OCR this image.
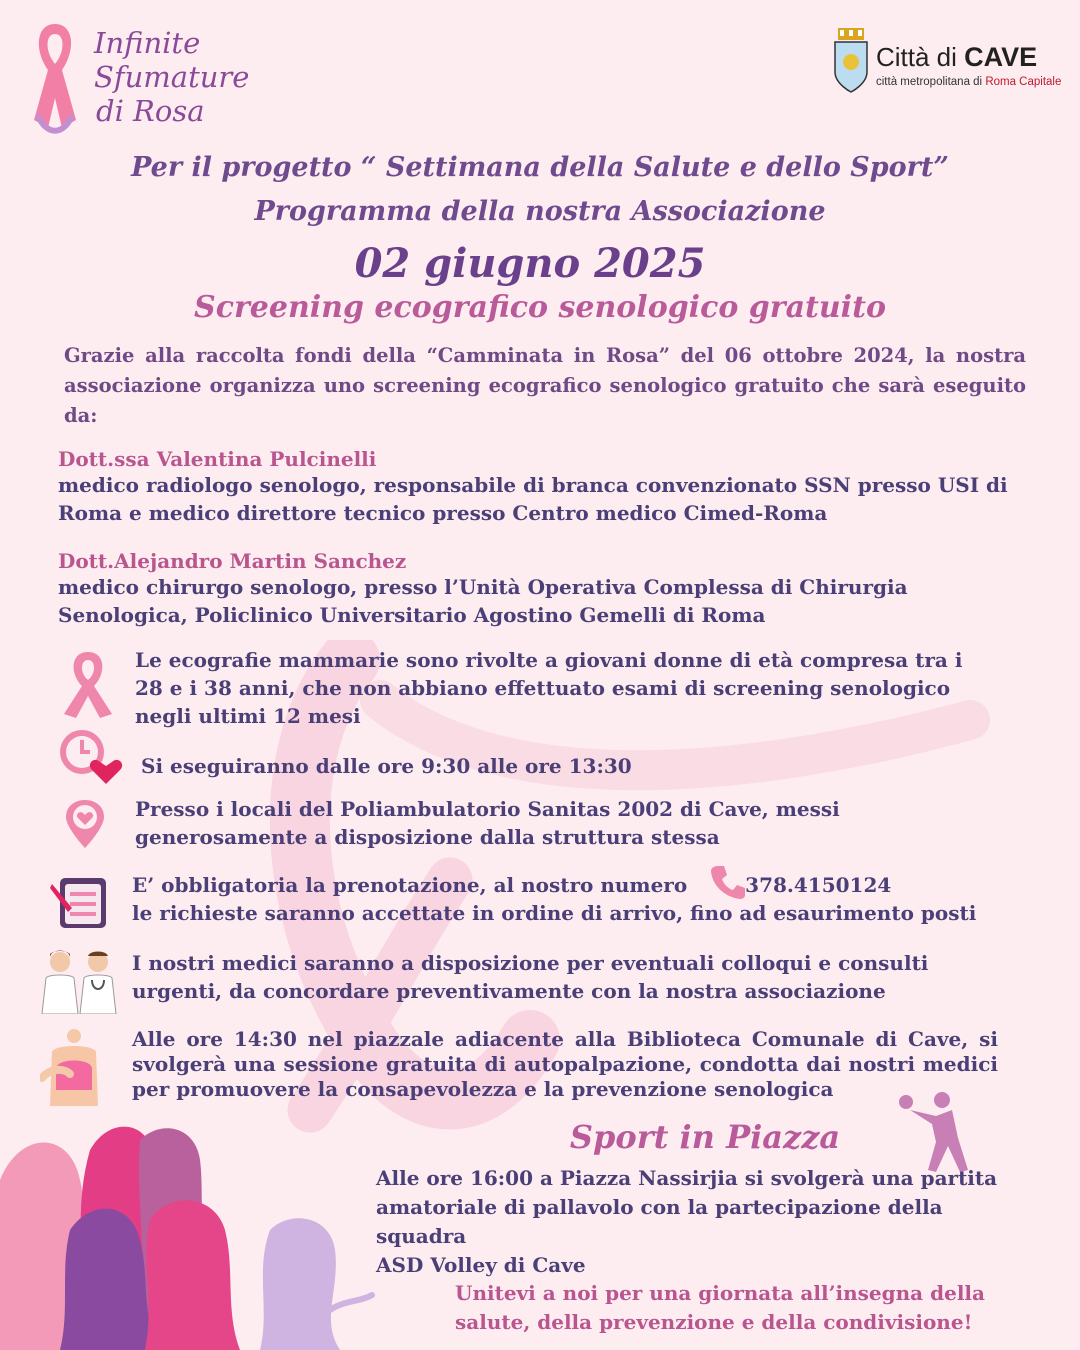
Infinite
Sfumature
di Rosa
Città di CAVE
città metropolitana di Roma Capitale
Per il progetto “ Settimana della Salute e dello Sport”
Programma della nostra Associazione
02 giugno 2025
Screening ecografico senologico gratuito
Grazie alla raccolta fondi della “Camminata in Rosa” del 06 ottobre 2024, la nostra associazione organizza uno screening ecografico senologico gratuito che sarà eseguito da:
Dott.ssa Valentina Pulcinelli
medico radiologo senologo, responsabile di branca convenzionato SSN presso USI di
Roma e medico direttore tecnico presso Centro medico Cimed-Roma
Dott.Alejandro Martin Sanchez
medico chirurgo senologo, presso l’Unità Operativa Complessa di Chirurgia
Senologica, Policlinico Universitario Agostino Gemelli di Roma
Le ecografie mammarie sono rivolte a giovani donne di età compresa tra i
28 e i 38 anni, che non abbiano effettuato esami di screening senologico
negli ultimi 12 mesi
Si eseguiranno dalle ore 9:30 alle ore 13:30
Presso i locali del Poliambulatorio Sanitas 2002 di Cave, messi
generosamente a disposizione dalla struttura stessa
E’ obbligatoria la prenotazione, al nostro numero	378.4150124
le richieste saranno accettate in ordine di arrivo, fino ad esaurimento posti
I nostri medici saranno a disposizione per eventuali colloqui e consulti
urgenti, da concordare preventivamente con la nostra associazione
Alle ore 14:30 nel piazzale adiacente alla Biblioteca Comunale di Cave, si svolgerà una sessione gratuita di autopalpazione, condotta dai nostri medici per promuovere la consapevolezza e la prevenzione senologica
Sport in Piazza
Alle ore 16:00 a Piazza Nassirjia si svolgerà una partita
amatoriale di pallavolo con la partecipazione della squadra
ASD Volley di Cave
Unitevi a noi per una giornata all’insegna della
salute, della prevenzione e della condivisione!
